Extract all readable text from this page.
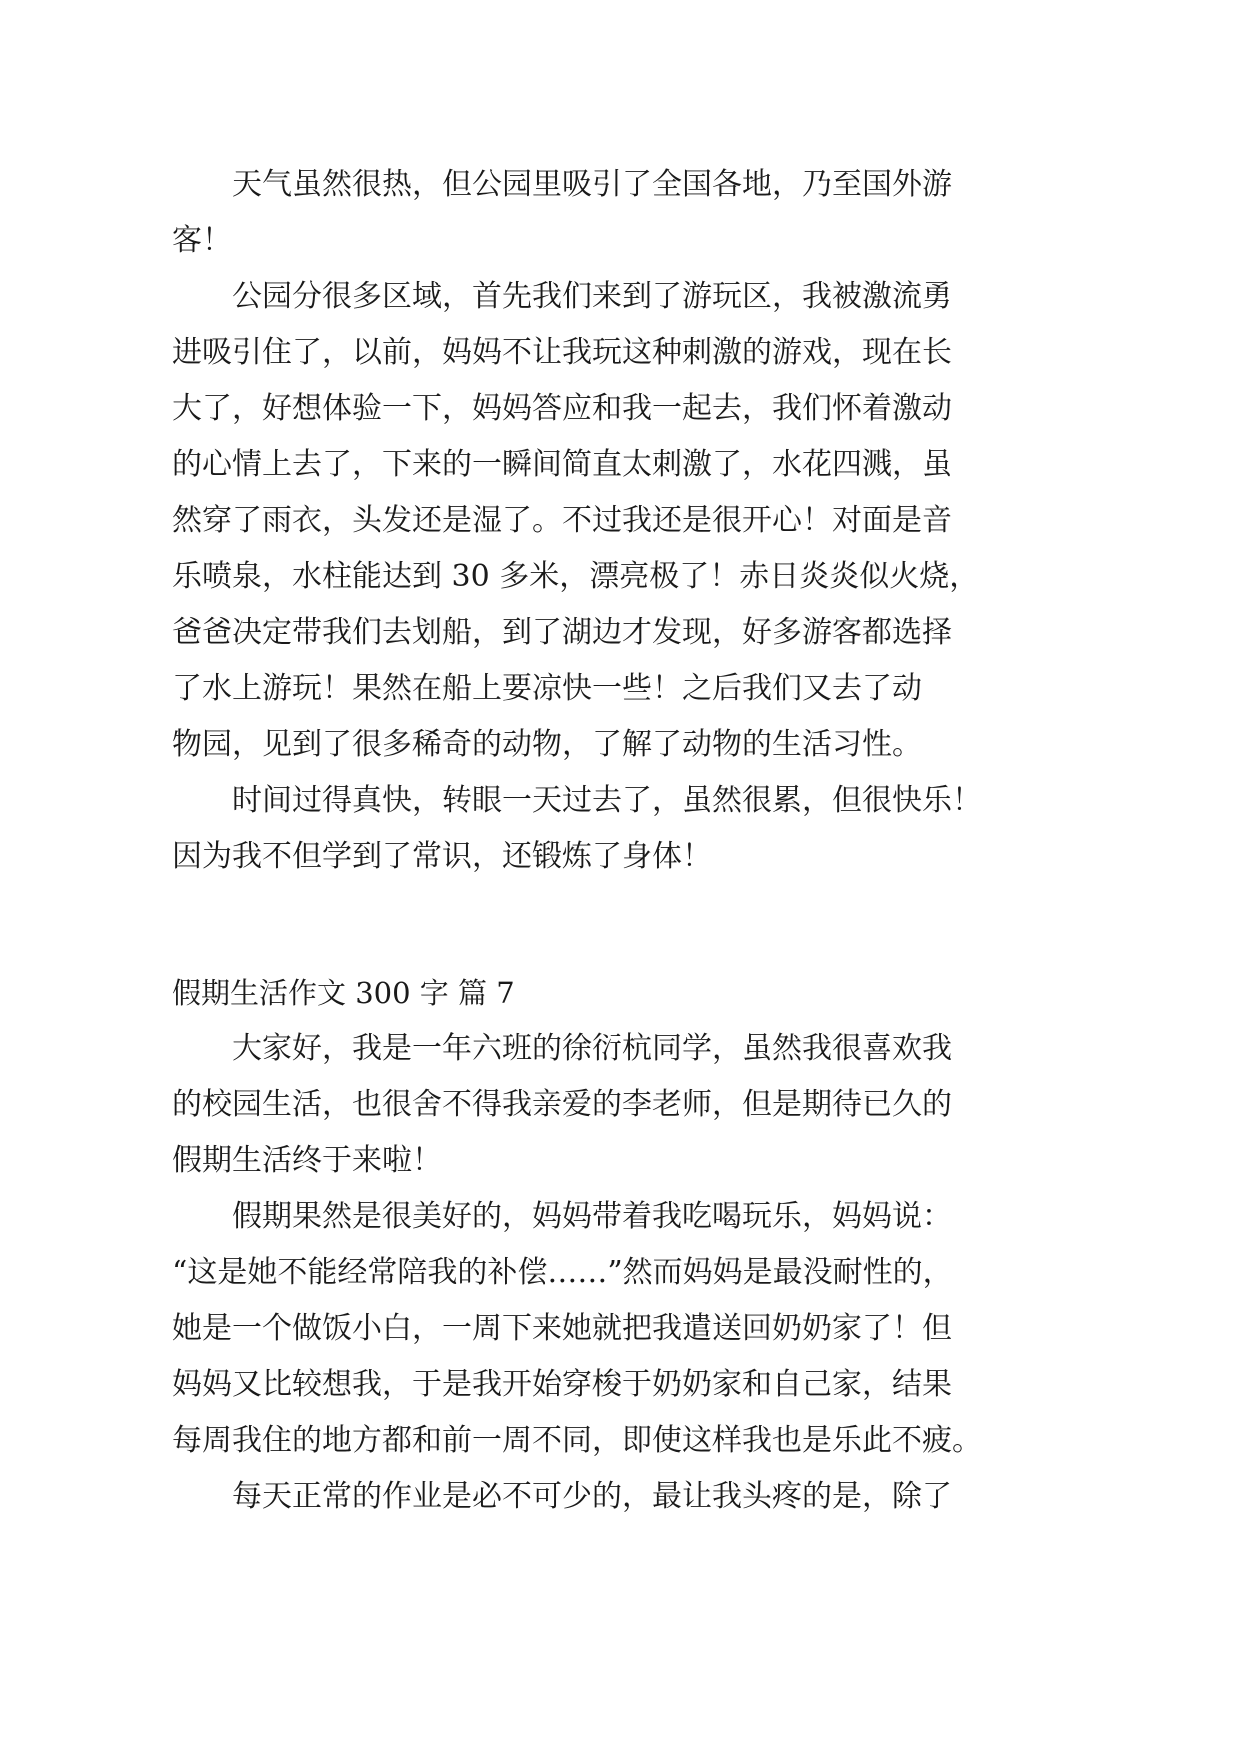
天气虽然很热，但公园里吸引了全国各地，乃至国外游
客！
公园分很多区域，首先我们来到了游玩区，我被激流勇
进吸引住了，以前，妈妈不让我玩这种刺激的游戏，现在长
大了，好想体验一下，妈妈答应和我一起去，我们怀着激动
的心情上去了，下来的一瞬间简直太刺激了，水花四溅，虽
然穿了雨衣，头发还是湿了。不过我还是很开心！对面是音
乐喷泉，水柱能达到 30 多米，漂亮极了！赤日炎炎似火烧，
爸爸决定带我们去划船，到了湖边才发现，好多游客都选择
了水上游玩！果然在船上要凉快一些！之后我们又去了动
物园，见到了很多稀奇的动物，了解了动物的生活习性。
时间过得真快，转眼一天过去了，虽然很累，但很快乐！
因为我不但学到了常识，还锻炼了身体！
假期生活作文 300 字 篇 7
大家好，我是一年六班的徐衍杭同学，虽然我很喜欢我
的校园生活，也很舍不得我亲爱的李老师，但是期待已久的
假期生活终于来啦！
假期果然是很美好的，妈妈带着我吃喝玩乐，妈妈说：
“这是她不能经常陪我的补偿……”然而妈妈是最没耐性的，
她是一个做饭小白，一周下来她就把我遣送回奶奶家了！但
妈妈又比较想我，于是我开始穿梭于奶奶家和自己家，结果
每周我住的地方都和前一周不同，即使这样我也是乐此不疲。
每天正常的作业是必不可少的，最让我头疼的是，除了
